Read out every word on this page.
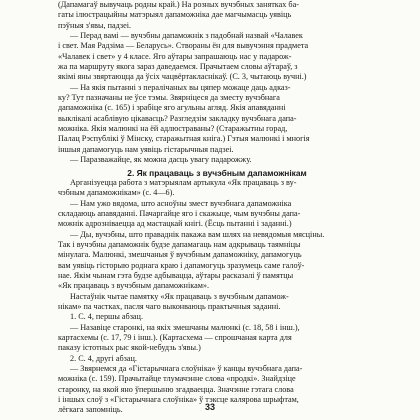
(Дапамагаў вывучаць родны край.) На розных вучэбных занятках ба-
гаты ілюстрацыйны матэрыял дапаможніка дае магчымасць уявіць
пэўныя з'явы, падзеі.
— Перад вамі — вучэбны дапаможнік з падобнай назвай «Чалавек
і свет. Мая Радзіма — Беларусь». Створаны ён для вывучэння прадмета
«Чалавек і свет» у 4 класе. Яго аўтары запрашаюць нас у падарож-
жа па маршруту якога зараз даведаемся. Прачытаем словы аўтараў, з
якімі яны звяртаюцца да ўсіх чацвёртакласнікаў. (С. 3, чытаюць вучні.)
— На якія пытанні з пералічаных вы цяпер можаце даць адказ-
ку? Тут пазначаны не ўсе тэмы. Звярніцеся да зместу вучэбнага
дапаможніка (с. 165) і зрабіце яго агульны агляд. Якія апавяданні
выклікалі асаблівую цікавасць? Разгледзім закладку вучэбнага дапа-
можніка. Якія малюнкі на ёй адлюстраваны? (Старажытны горад,
Палац Рэспублікі ў Мінску, старажытная кніга.) Гэтыя малюнкі і многія
іншыя дапамогуць нам уявіць гістарычныя падзеі.
— Паразважайце, як можна дасць увагу падарожжу.
2. Як працаваць з вучэбным дапаможнікам
Арганізуецца работа з матэрыялам артыкула «Як працаваць з ву-
чэбным дапаможнікам» (с. 4—6).
— Нам ужо вядома, што асноўны змест вучэбнага дапаможніка
складаюць апавяданні. Пачаргайце яго і скажыце, чым вучэбны дапа-
можнік адрозніваецца ад мастацкай кнігі. (Ёсць пытанні і заданні.)
— Ды, вучэбны, што праваднік пакажа вам шлях на невядомыя мясціны.
Так і вучэбны дапаможнік будзе дапамагаць нам адкрываць таямніцы
мінулага. Малюнкі, змешчаныя ў вучэбным дапаможніку, дапамогуць
вам уявіць гісторыю роднага краю і дапамогуць зразумець саме галоў-
нае. Якім чынам гэта будзе адбывацца, аўтары расказалі ў памятцы
«Як працаваць з вучэбным дапаможнікам».
Настаўнік чытае памятку «Як працаваць з вучэбным дапамож-
нікам» па частках, пасля чаго выконваюць практычныя заданні.
1. С. 4, першы абзац.
— Назавіце старонкі, на якіх змешчаны малюнкі (с. 18, 58 і інш.),
картасхемы (с. 17, 79 і інш.). (Картасхема — спрошчаная карта для
паказу істотных рыс якой-небудзь з'явы.)
2. С. 4, другі абзац.
— Звярнемся да «Гістарычнага слоўніка» ў канцы вучэбнага дапа-
можніка (с. 159). Прачытайце тлумачэнне слова «продкі». Знайдзіце
старонку, на якой яно ўпершыню згадваецца. Значэнне гэтага слова
і іншых слоў з «Гістарычнага слоўніка» ў тэксце калярова шрыфтам,
лёгкага запомніць.	33
